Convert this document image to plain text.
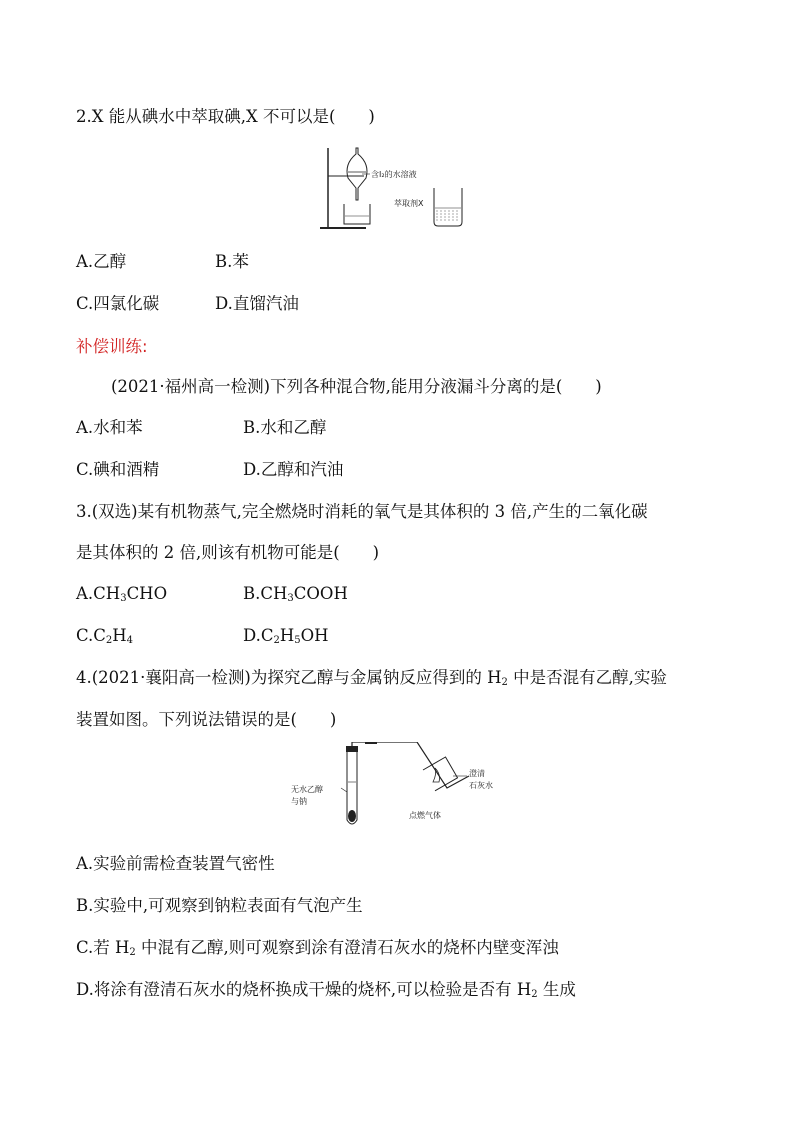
2.X 能从碘水中萃取碘,X 不可以是(　　)
含I₂的水溶液
萃取剂X
A.乙醇	B.苯
C.四氯化碳	D.直馏汽油
补偿训练:
(2021·福州高一检测)下列各种混合物,能用分液漏斗分离的是(　　)
A.水和苯	B.水和乙醇
C.碘和酒精	D.乙醇和汽油
3.(双选)某有机物蒸气,完全燃烧时消耗的氧气是其体积的 3 倍,产生的二氧化碳
是其体积的 2 倍,则该有机物可能是(　　)
$A.CH_3CHO$	$B.CH_3COOH$
$C.C_2H_4$	$D.C_2H_5OH$
4.(2021·襄阳高一检测)为探究乙醇与金属钠反应得到的 $H_2$ 中是否混有乙醇,实验
装置如图。下列说法错误的是(　　)
无水乙醇
与钠
点燃气体
澄清
石灰水
A.实验前需检查装置气密性
B.实验中,可观察到钠粒表面有气泡产生
C.若 $H_2$ 中混有乙醇,则可观察到涂有澄清石灰水的烧杯内壁变浑浊
D.将涂有澄清石灰水的烧杯换成干燥的烧杯,可以检验是否有 $H_2$ 生成
